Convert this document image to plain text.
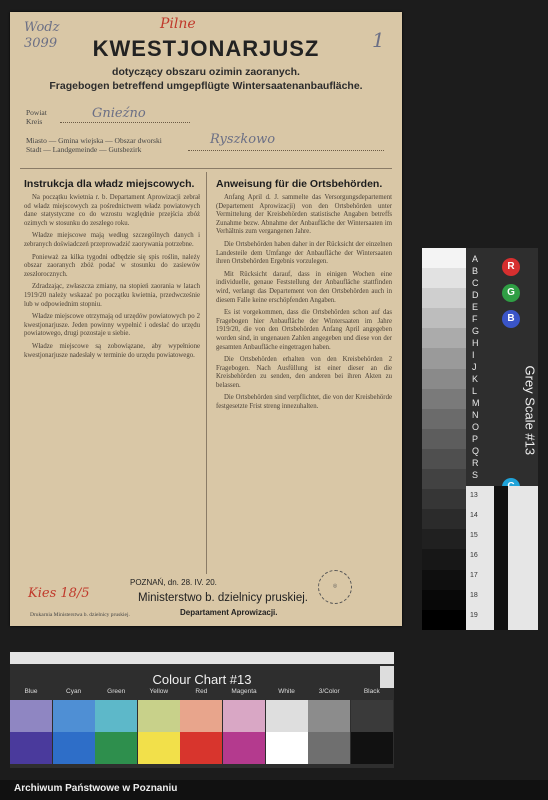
Wodz
3099
Pilne
1
KWESTJONARJUSZ
dotyczący obszaru ozimin zaoranych.
Fragebogen betreffend umgepflügte Wintersaatenanbaufläche.
Powiat
Kreis
Gnieźno
Miasto — Gmina wiejska — Obszar dworski
Stadt — Landgemeinde — Gutsbezirk
Ryszkowo
Instrukcja dla władz miejscowych. Anweisung für die Ortsbehörden.

Na początku kwietnia r. b. Departament Aprowizacji zebrał od władz miejscowych za pośrednictwem władz powiatowych dane statystyczne co do wzrostu względnie przejścia zbóż ozimych w stosunku do zeszłego roku.

Władze miejscowe mają według szczególnych danych i zebranych doświadczeń przeprowadzić zaorywania potrzebne.

Ponieważ za kilka tygodni odbędzie się spis roślin, należy obszar zaoranych zbóż podać w stosunku do zasiewów zeszłorocznych.

Zdradzając, zwłaszcza zmiany, na stopień zaorania w latach 1919/20 należy wskazać po początku kwietnia, przedwcześnie lub w odpowiednim stopniu.

Władze miejscowe otrzymają od urzędów powiatowych po 2 kwestjonarjusze. Jeden powinny wypełnić i odesłać do urzędu powiatowego, drugi pozostaje u siebie.

Władze miejscowe są zobowiązane, aby wypełnione kwestjonarjusze nadesłały w terminie do urzędu powiatowego.

Anfang April d. J. sammelte das Versorgungsdepartement (Departement Aprowizacji) von den Ortsbehörden unter Vermittelung der Kreisbehörden statistische Angaben betreffs Zunahme bezw. Abnahme der Anbaufläche der Wintersaaten im Verhältnis zum vergangenen Jahre.

Die Ortsbehörden haben daher in der Rücksicht der einzelnen Landesteile dem Umfange der Anbaufläche der Wintersaaten ihren Ortsbehörden Ergebnis vorzulegen.

Mit Rücksicht darauf, dass in einigen Wochen eine individuelle, genaue Feststellung der Anbaufläche stattfinden wird, verlangt das Departement von den Ortsbehörden auch in diesem Falle keine erschöpfenden Angaben.

Es ist vorgekommen, dass die Ortsbehörden schon auf das Fragebogen hier Anbaufläche der Wintersaaten im Jahre 1919/20, die von den Ortsbehörden Anfang April angegeben worden sind, in ungenauen Zahlen angegeben und diese von der gesamten Anbaufläche eingetragen haben.

Die Ortsbehörden erhalten von den Kreisbehörden 2 Fragebogen. Nach Ausfüllung ist einer dieser an die Kreisbehörden zu senden, den anderen bei ihren Akten zu belassen.

Die Ortsbehörden sind verpflichtet, die von der Kreisbehörde festgesetzte Frist streng innezuhalten.

POZNAŃ, dn. 28. IV. 20.
Kies 18/5	Ministerstwo b. dzielnicy pruskiej.
Departament Aprowizacji.
◎
Drukarnia Ministerstwa b. dzielnicy pruskiej.
A
B
C
D
E
F
G
H
I
J
K
L
M
N
O
P
Q
R
S
Grey Scale #13
R
G
B
13
14
15
16
17
18
19
Colour Chart #13
Blue	Cyan	Green	Yellow	Red	Magenta	White	3/Color	Black
Archiwum Państwowe w Poznaniu
